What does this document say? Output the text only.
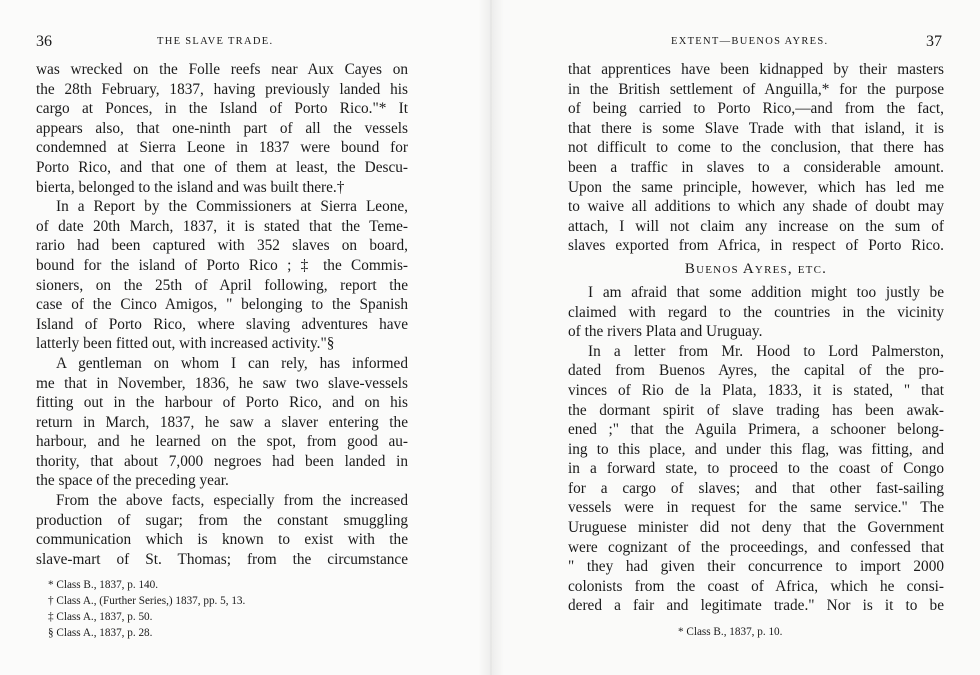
36	THE SLAVE TRADE.
was wrecked on the Folle reefs near Aux Cayes on
the 28th February, 1837, having previously landed his
cargo at Ponces, in the Island of Porto Rico."* It
appears also, that one-ninth part of all the vessels
condemned at Sierra Leone in 1837 were bound for
Porto Rico, and that one of them at least, the Descu-
bierta, belonged to the island and was built there.†
In a Report by the Commissioners at Sierra Leone,
of date 20th March, 1837, it is stated that the Teme-
rario had been captured with 352 slaves on board,
bound for the island of Porto Rico ; ‡ the Commis-
sioners, on the 25th of April following, report the
case of the Cinco Amigos, " belonging to the Spanish
Island of Porto Rico, where slaving adventures have
latterly been fitted out, with increased activity."§
A gentleman on whom I can rely, has informed
me that in November, 1836, he saw two slave-vessels
fitting out in the harbour of Porto Rico, and on his
return in March, 1837, he saw a slaver entering the
harbour, and he learned on the spot, from good au-
thority, that about 7,000 negroes had been landed in
the space of the preceding year.
From the above facts, especially from the increased
production of sugar; from the constant smuggling
communication which is known to exist with the
slave-mart of St. Thomas; from the circumstance
* Class B., 1837, p. 140.
† Class A., (Further Series,) 1837, pp. 5, 13.
‡ Class A., 1837, p. 50.
§ Class A., 1837, p. 28.
EXTENT—BUENOS AYRES.	37
that apprentices have been kidnapped by their masters
in the British settlement of Anguilla,* for the purpose
of being carried to Porto Rico,—and from the fact,
that there is some Slave Trade with that island, it is
not difficult to come to the conclusion, that there has
been a traffic in slaves to a considerable amount.
Upon the same principle, however, which has led me
to waive all additions to which any shade of doubt may
attach, I will not claim any increase on the sum of
slaves exported from Africa, in respect of Porto Rico.
Buenos Ayres, etc.
I am afraid that some addition might too justly be
claimed with regard to the countries in the vicinity
of the rivers Plata and Uruguay.
In a letter from Mr. Hood to Lord Palmerston,
dated from Buenos Ayres, the capital of the pro-
vinces of Rio de la Plata, 1833, it is stated, " that
the dormant spirit of slave trading has been awak-
ened ;" that the Aguila Primera, a schooner belong-
ing to this place, and under this flag, was fitting, and
in a forward state, to proceed to the coast of Congo
for a cargo of slaves; and that other fast-sailing
vessels were in request for the same service." The
Uruguese minister did not deny that the Government
were cognizant of the proceedings, and confessed that
" they had given their concurrence to import 2000
colonists from the coast of Africa, which he consi-
dered a fair and legitimate trade." Nor is it to be
* Class B., 1837, p. 10.
